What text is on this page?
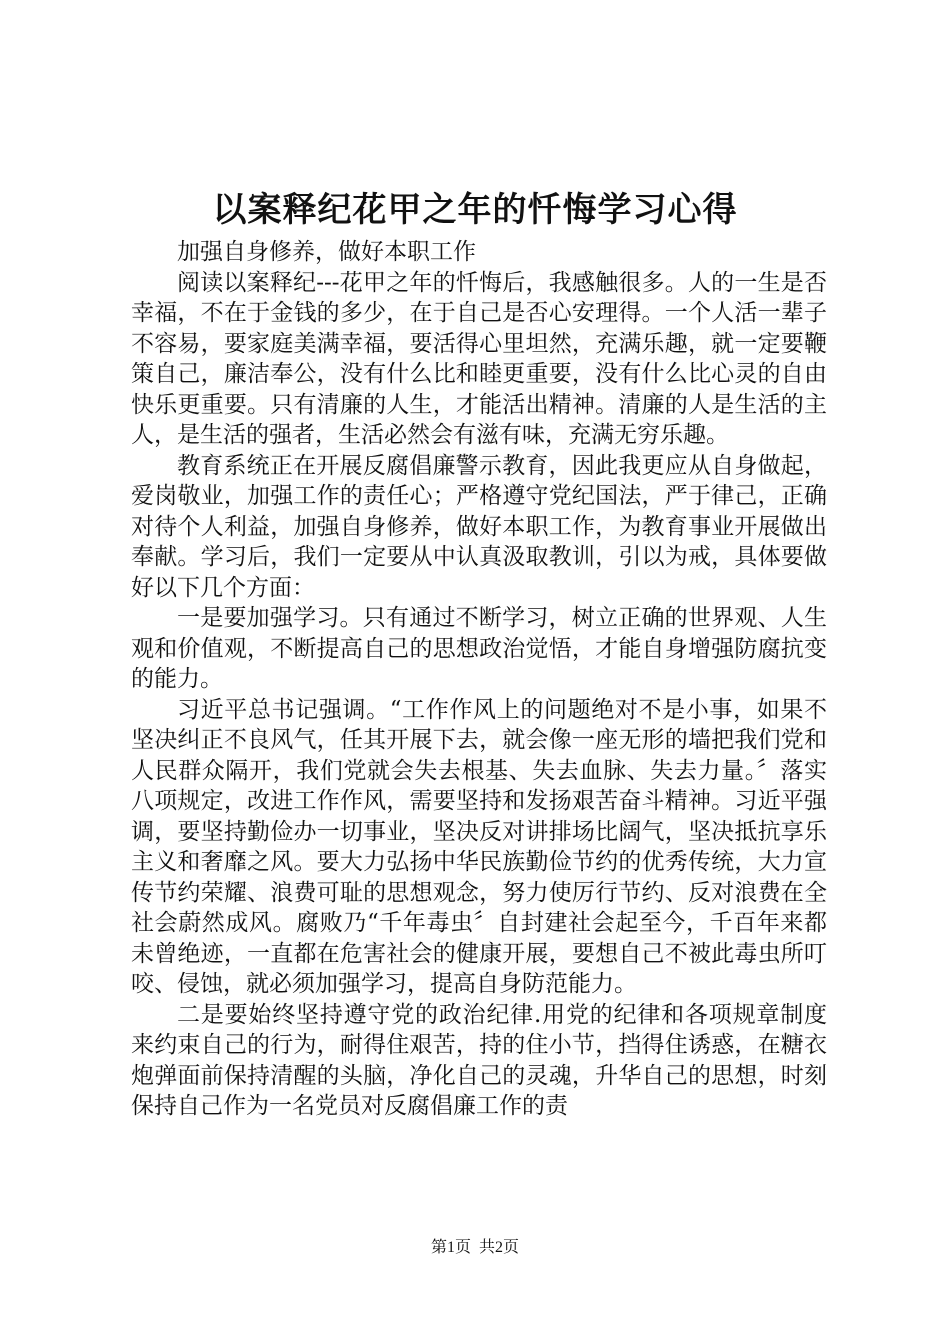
以案释纪花甲之年的忏悔学习心得

加强自身修养，做好本职工作

阅读以案释纪---花甲之年的忏悔后，我感触很多。人的一生是否幸福，不在于金钱的多少，在于自己是否心安理得。一个人活一辈子不容易，要家庭美满幸福，要活得心里坦然，充满乐趣，就一定要鞭策自己，廉洁奉公，没有什么比和睦更重要，没有什么比心灵的自由快乐更重要。只有清廉的人生，才能活出精神。清廉的人是生活的主人，是生活的强者，生活必然会有滋有味，充满无穷乐趣。

教育系统正在开展反腐倡廉警示教育，因此我更应从自身做起，爱岗敬业，加强工作的责任心；严格遵守党纪国法，严于律己，正确对待个人利益，加强自身修养，做好本职工作，为教育事业开展做出奉献。学习后，我们一定要从中认真汲取教训，引以为戒，具体要做好以下几个方面：

一是要加强学习。只有通过不断学习，树立正确的世界观、人生观和价值观，不断提高自己的思想政治觉悟，才能自身增强防腐抗变的能力。

习近平总书记强调。“工作作风上的问题绝对不是小事，如果不坚决纠正不良风气，任其开展下去，就会像一座无形的墙把我们党和人民群众隔开，我们党就会失去根基、失去血脉、失去力量。〞落实八项规定，改进工作作风，需要坚持和发扬艰苦奋斗精神。习近平强调，要坚持勤俭办一切事业，坚决反对讲排场比阔气，坚决抵抗享乐主义和奢靡之风。要大力弘扬中华民族勤俭节约的优秀传统，大力宣传节约荣耀、浪费可耻的思想观念，努力使厉行节约、反对浪费在全社会蔚然成风。腐败乃“千年毒虫〞自封建社会起至今，千百年来都未曾绝迹，一直都在危害社会的健康开展，要想自己不被此毒虫所叮咬、侵蚀，就必须加强学习，提高自身防范能力。

二是要始终坚持遵守党的政治纪律.用党的纪律和各项规章制度来约束自己的行为，耐得住艰苦，持的住小节，挡得住诱惑，在糖衣炮弹面前保持清醒的头脑，净化自己的灵魂，升华自己的思想，时刻保持自己作为一名党员对反腐倡廉工作的责

第1页 共2页
